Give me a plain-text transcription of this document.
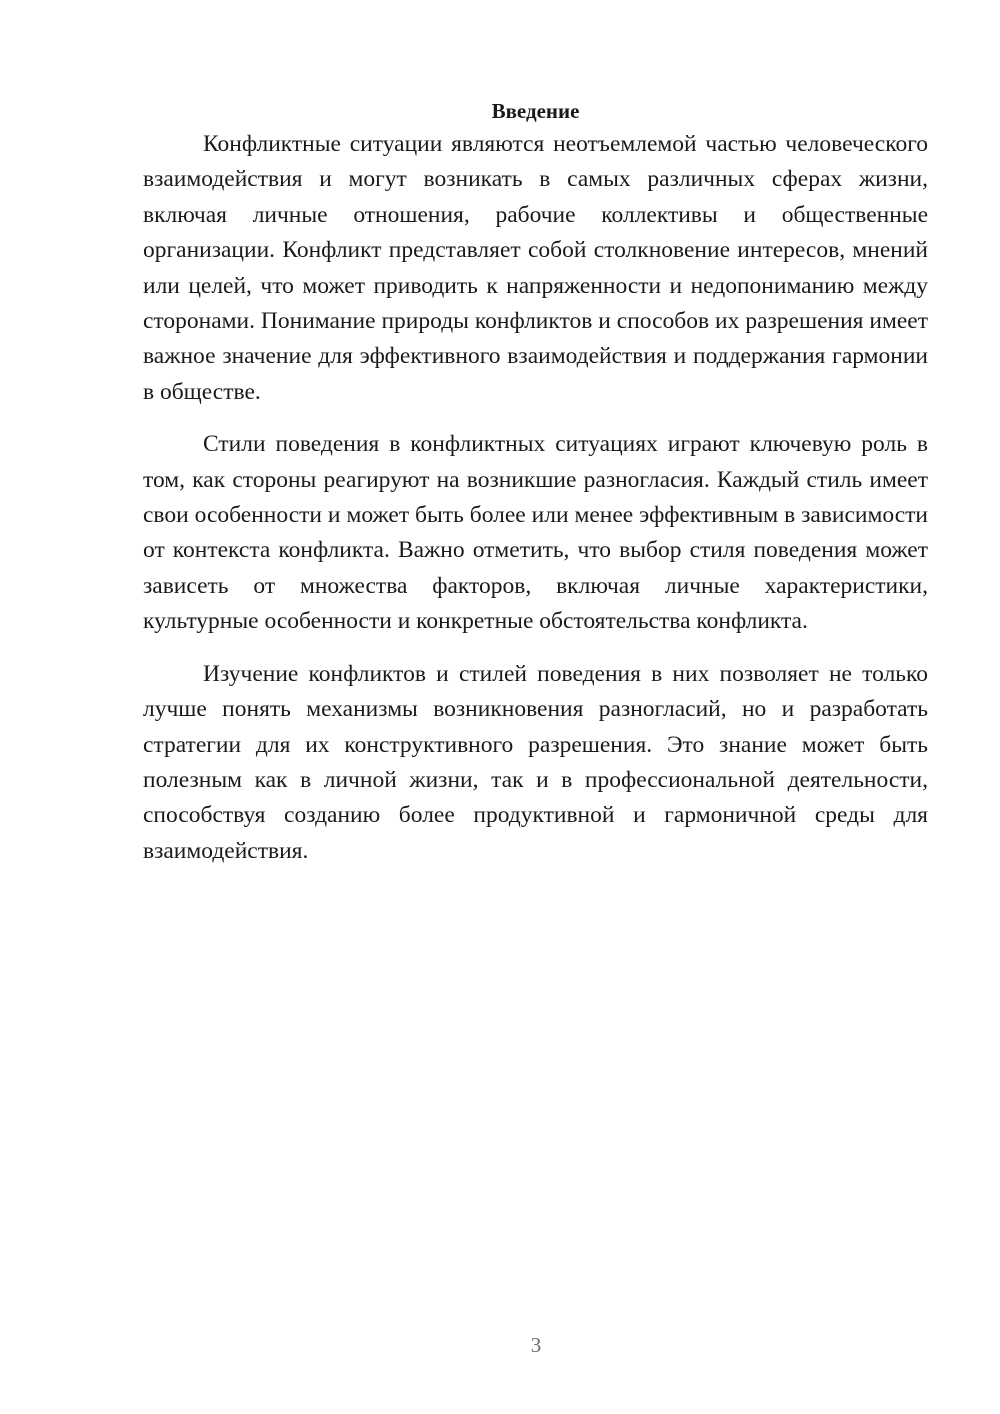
Введение

Конфликтные ситуации являются неотъемлемой частью человеческого взаимодействия и могут возникать в самых различных сферах жизни, включая личные отношения, рабочие коллективы и общественные организации. Конфликт представляет собой столкновение интересов, мнений или целей, что может приводить к напряженности и недопониманию между сторонами. Понимание природы конфликтов и способов их разрешения имеет важное значение для эффективного взаимодействия и поддержания гармонии в обществе.

Стили поведения в конфликтных ситуациях играют ключевую роль в том, как стороны реагируют на возникшие разногласия. Каждый стиль имеет свои особенности и может быть более или менее эффективным в зависимости от контекста конфликта. Важно отметить, что выбор стиля поведения может зависеть от множества факторов, включая личные характеристики, культурные особенности и конкретные обстоятельства конфликта.

Изучение конфликтов и стилей поведения в них позволяет не только лучше понять механизмы возникновения разногласий, но и разработать стратегии для их конструктивного разрешения. Это знание может быть полезным как в личной жизни, так и в профессиональной деятельности, способствуя созданию более продуктивной и гармоничной среды для взаимодействия.

3
